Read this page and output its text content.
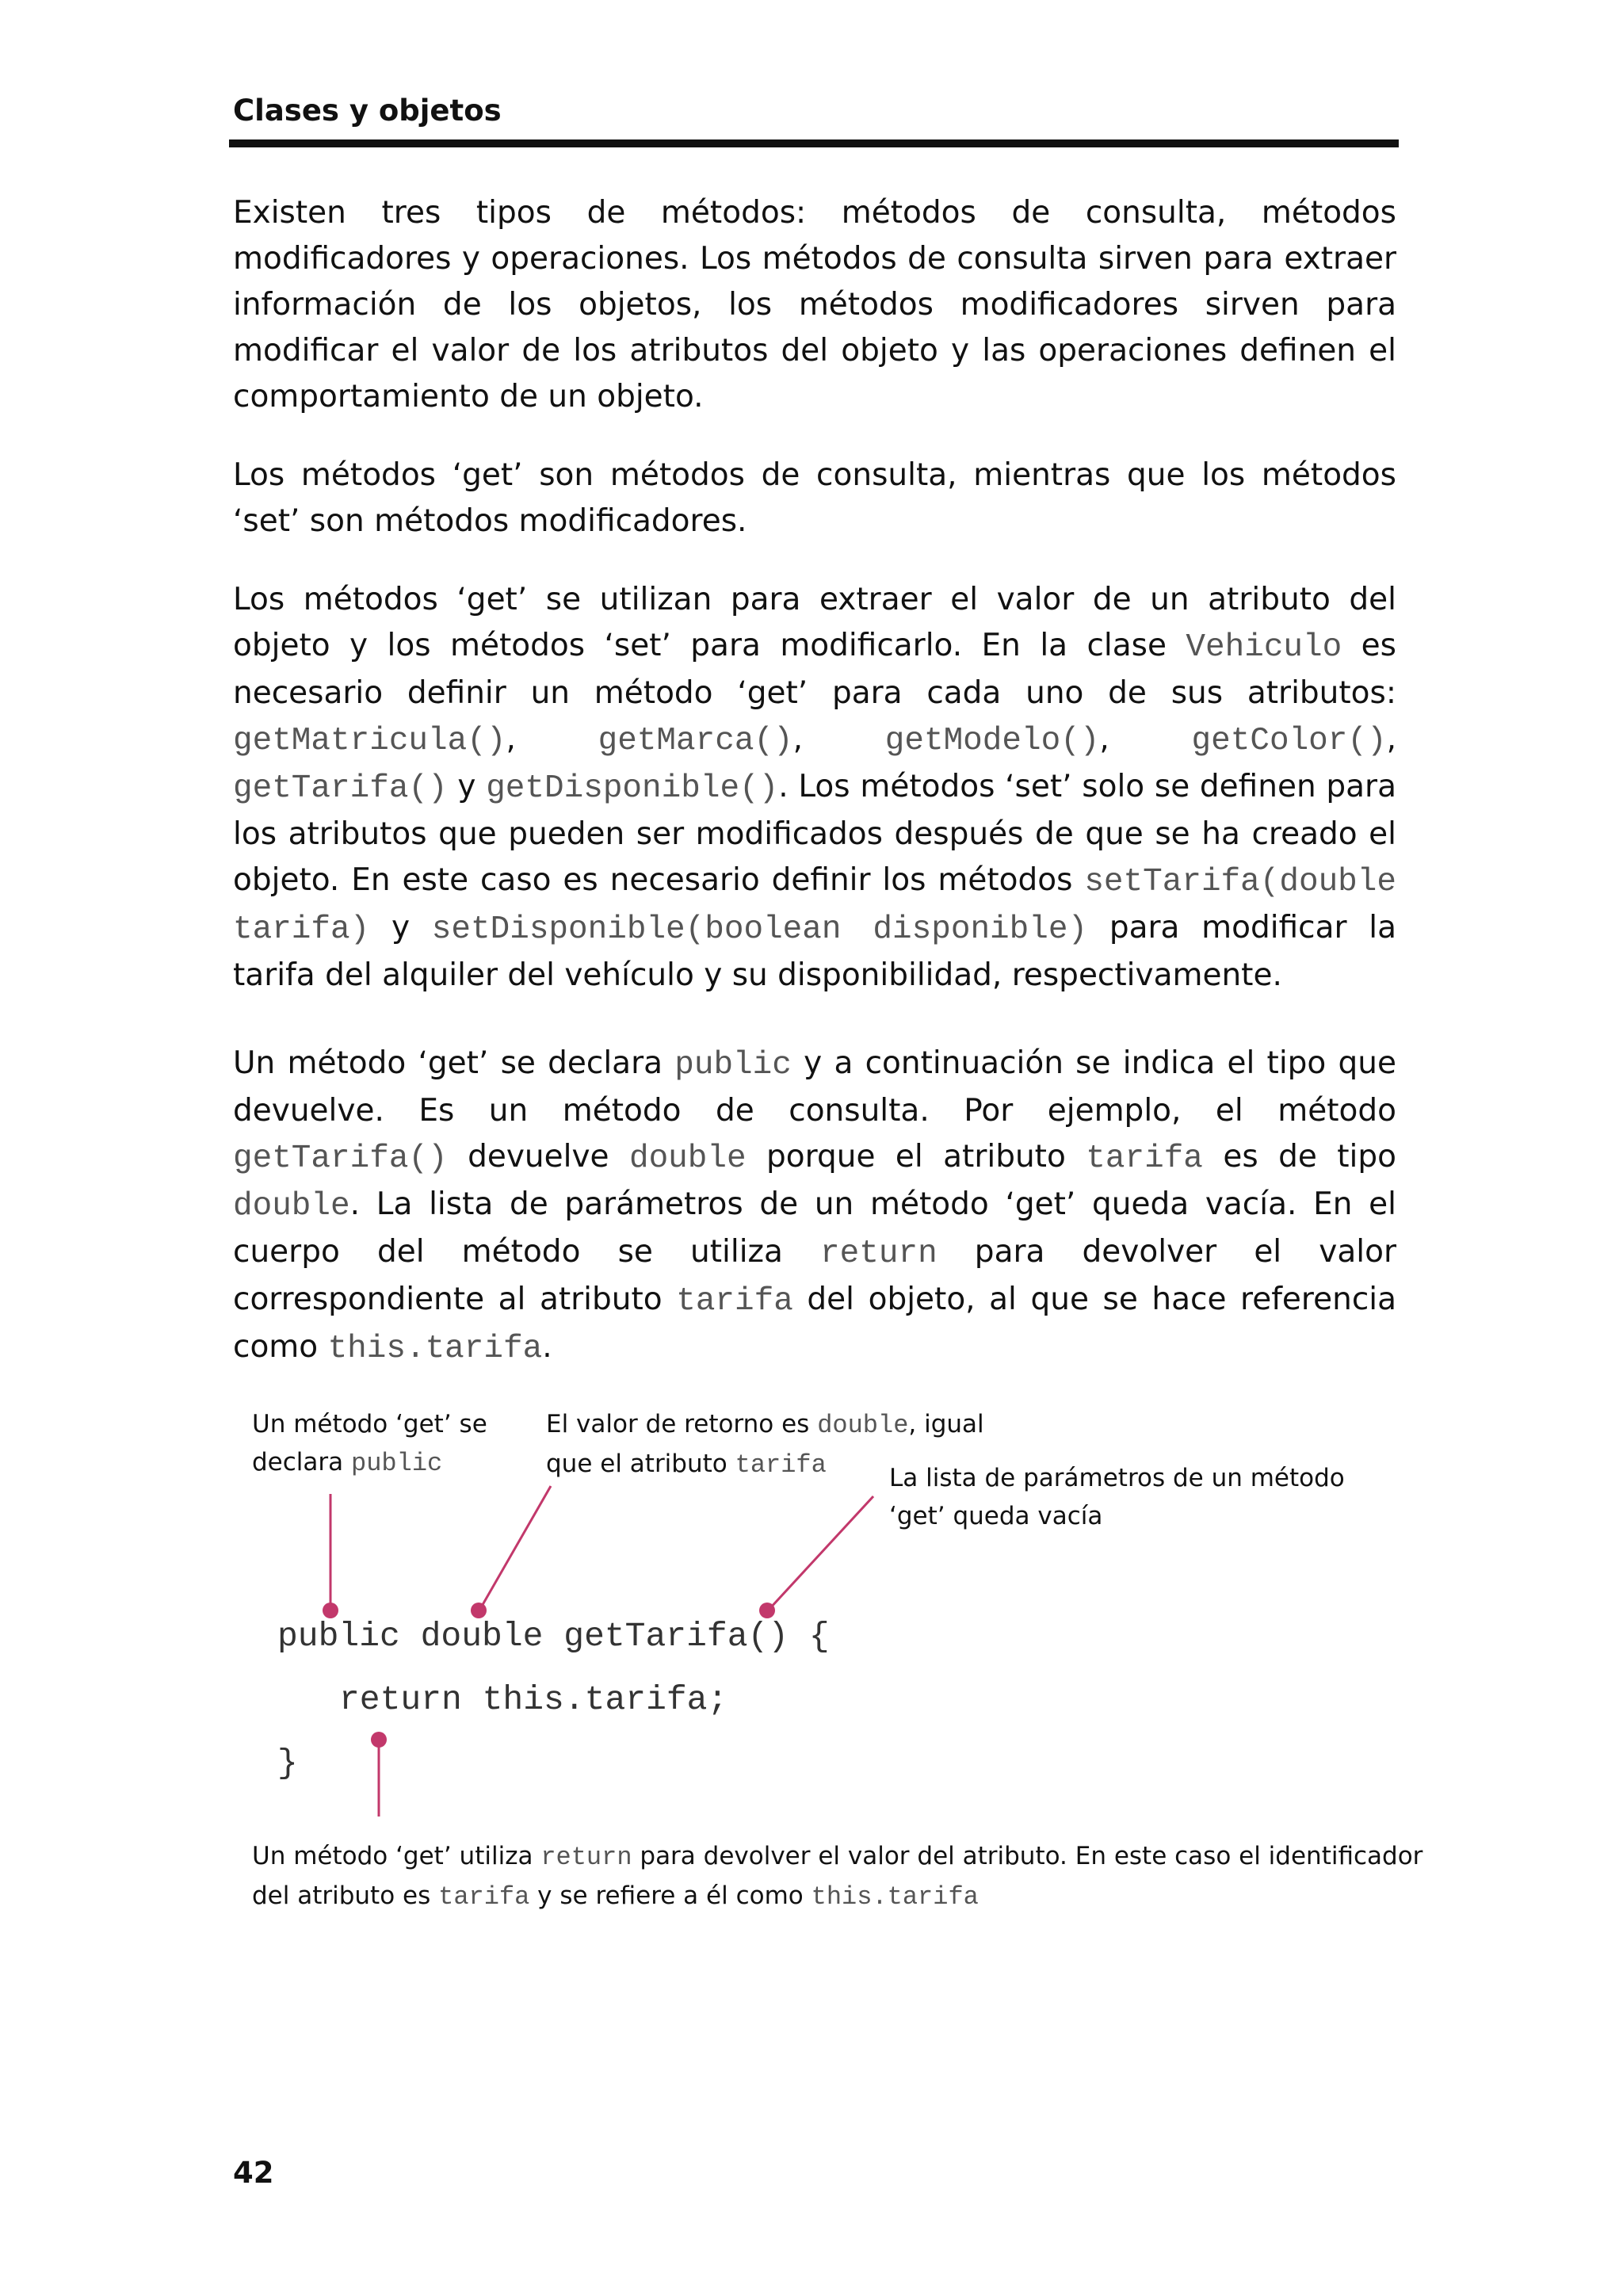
Clases y objetos

Existen tres tipos de métodos: métodos de consulta, métodos modificadores y operaciones. Los métodos de consulta sirven para extraer información de los objetos, los métodos modificadores sirven para modificar el valor de los atributos del objeto y las operaciones definen el comportamiento de un objeto.

Los métodos ‘get’ son métodos de consulta, mientras que los métodos ‘set’ son métodos modificadores.

Los métodos ‘get’ se utilizan para extraer el valor de un atributo del objeto y los métodos ‘set’ para modificarlo. En la clase Vehiculo es necesario definir un método ‘get’ para cada uno de sus atributos: getMatricula(), getMarca(), getModelo(), getColor(), getTarifa() y getDisponible(). Los métodos ‘set’ solo se definen para los atributos que pueden ser modificados después de que se ha creado el objeto. En este caso es necesario definir los métodos setTarifa(double tarifa) y setDisponible(boolean disponible) para modificar la tarifa del alquiler del vehículo y su disponibilidad, respectivamente.

Un método ‘get’ se declara public y a continuación se indica el tipo que devuelve. Es un método de consulta. Por ejemplo, el método getTarifa() devuelve double porque el atributo tarifa es de tipo double. La lista de parámetros de un método ‘get’ queda vacía. En el cuerpo del método se utiliza return para devolver el valor correspondiente al atributo tarifa del objeto, al que se hace referencia como this.tarifa.

Un método ‘get’ se
declara public
El valor de retorno es double, igual
que el atributo tarifa	La lista de parámetros de un método
‘get’ queda vacía
public double getTarifa() {
return this.tarifa;
}
Un método ‘get’ utiliza return para devolver el valor del atributo. En este caso el identificador
del atributo es tarifa y se refiere a él como this.tarifa
42
